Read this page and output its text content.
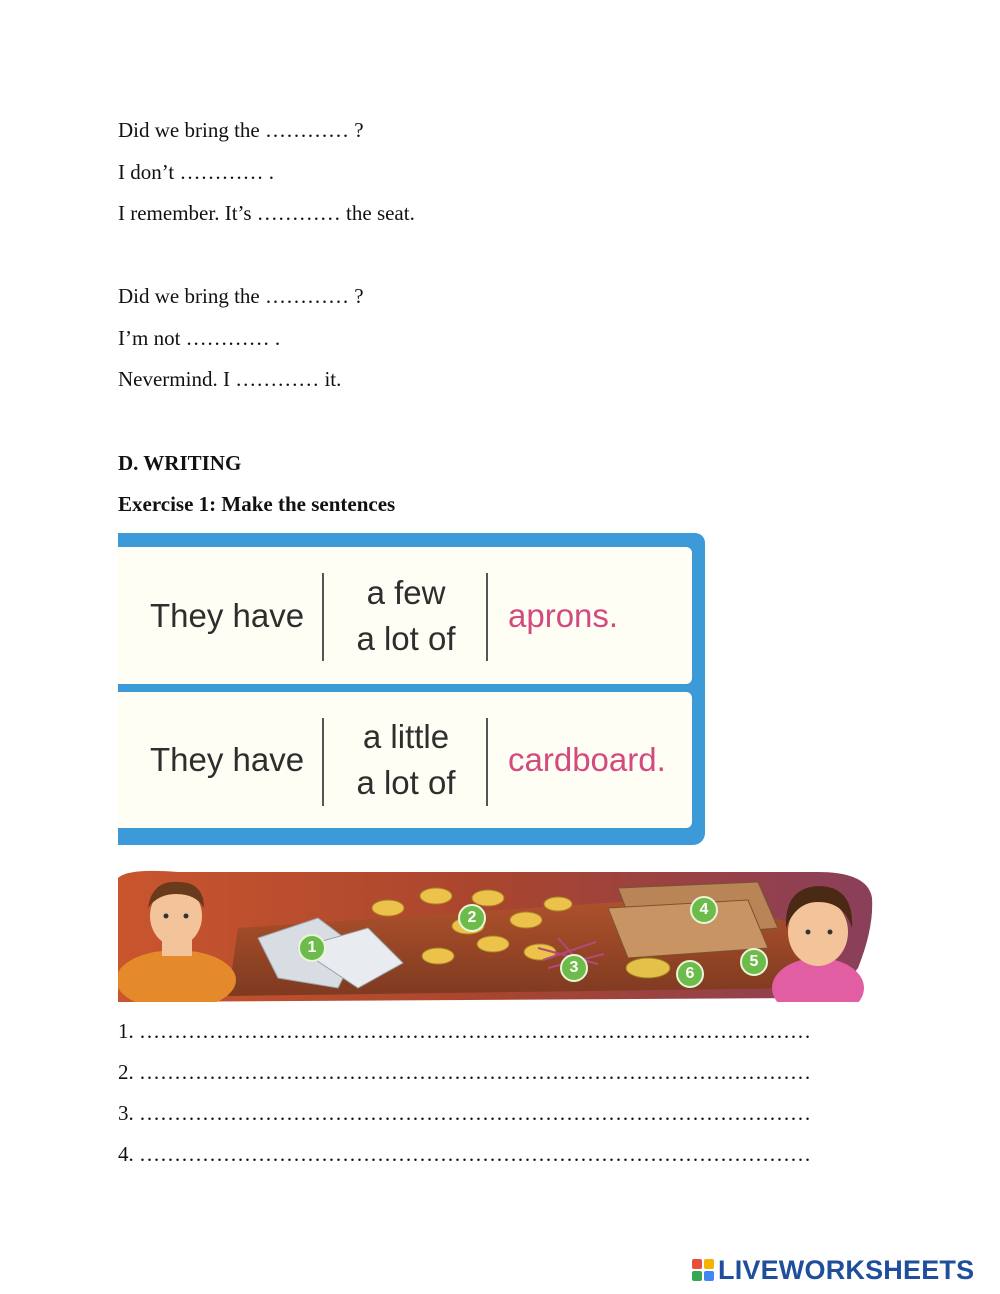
Did we bring the ………… ?
I don’t ………… .
I remember. It’s ………… the seat.
Did we bring the ………… ?
I’m not ………… .
Nevermind. I ………… it.
D. WRITING
Exercise 1: Make the sentences
They have
a few
a lot of
aprons.
They have
a little
a lot of
cardboard.
1
2
3
4
5
6
1. ……………………………………………………………………………………
2. ……………………………………………………………………………………
3. ……………………………………………………………………………………
4. ……………………………………………………………………………………
LIVEWORKSHEETS
